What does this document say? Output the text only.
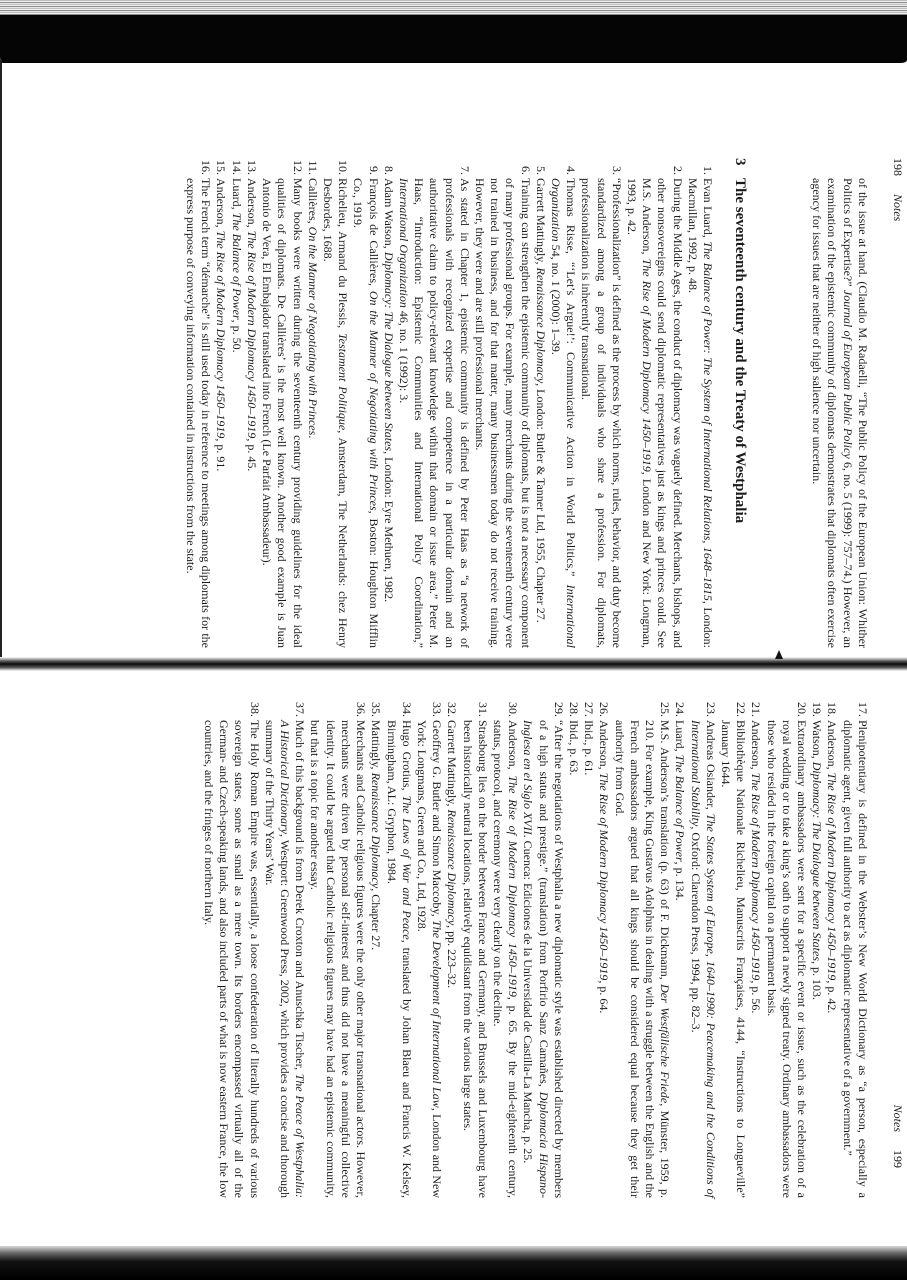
198Notes
of the issue at hand. (Claudio M. Radaelli, “The Public Policy of the European Union: Whither Politics of Expertise?” Journal of European Public Policy 6, no. 5 (1999): 757–74.) However, an examination of the epistemic community of diplomats demonstrates that diplomats often exercise agency for issues that are neither of high salience nor uncertain.
3
The seventeenth century and the Treaty of Westphalia
1.
Evan Luard, The Balance of Power: The System of International Relations, 1648–1815, London: Macmillan, 1992, p. 48.
2.
During the Middle Ages, the conduct of diplomacy was vaguely defined. Merchants, bishops, and other nonsovereigns could send diplomatic representatives just as kings and princes could. See M.S. Anderson, The Rise of Modern Diplomacy 1450–1919, London and New York: Longman, 1993, p. 42.
3.
“Professionalization” is defined as the process by which norms, rules, behavior, and duty become standardized among a group of individuals who share a profession. For diplomats, professionalization is inherently transnational.
4.
Thomas Risse, “‘Let’s Argue!’: Communicative Action in World Politics,” International Organization 54, no. 1 (2000): 1–39.
5.
Garrett Mattingly, Renaissance Diplomacy, London: Butler & Tanner Ltd, 1955, Chapter 27.
6.
Training can strengthen the epistemic community of diplomats, but is not a necessary component of many professional groups. For example, many merchants during the seventeenth century were not trained in business, and for that matter, many businessmen today do not receive training. However, they were and are still professional merchants.
7.
As stated in Chapter 1, epistemic community is defined by Peter Haas as “a network of professionals with recognized expertise and competence in a particular domain and an authoritative claim to policy-relevant knowledge within that domain or issue area.” Peter M. Haas, “Introduction: Epistemic Communities and International Policy Coordination,” International Organization 46, no. 1 (1992): 3.
8.
Adam Watson, Diplomacy: The Dialogue between States, London: Eyre Methuen, 1982.
9.
François de Callières, On the Manner of Negotiating with Princes, Boston: Houghton Mifflin Co., 1919.
10.
Richelieu, Armand du Plessis, Testament Politique, Amsterdam, The Netherlands: chez Henry Desbordes, 1688.
11.
Callières, On the Manner of Negotiating with Princes.
12.
Many books were written during the seventeenth century providing guidelines for the ideal qualities of diplomats. De Callières’ is the most well known. Another good example is Juan Antonio de Vera, El Embajador translated into French (Le Parfait Ambassadeur).
13.
Anderson, The Rise of Modern Diplomacy 1450–1919, p. 45.
14.
Luard, The Balance of Power, p. 50.
15.
Anderson, The Rise of Modern Diplomacy 1450–1919, p. 91.
16.
The French term “démarche” is still used today in reference to meetings among diplomats for the express purpose of conveying information contained in instructions from the state.
Notes199
17.
Plenipotentiary is defined in the Webster’s New World Dictionary as “a person, especially a diplomatic agent, given full authority to act as diplomatic representative of a government.”
18.
Anderson, The Rise of Modern Diplomacy 1450–1919, p. 42.
19.
Watson, Diplomacy: The Dialogue between States, p. 103.
20.
Extraordinary ambassadors were sent for a specific event or issue, such as the celebration of a royal wedding or to take a king’s oath to support a newly signed treaty. Ordinary ambassadors were those who resided in the foreign capital on a permanent basis.
21.
Anderson, The Rise of Modern Diplomacy 1450–1919, p. 56.
22.
Bibliothèque Nationale Richelieu, Manuscrits Françaises, 4144, “Instructions to Longueville” January 1644.
23.
Andreas Osiander, The States System of Europe, 1640–1990: Peacemaking and the Conditions of International Stability, Oxford: Clarendon Press, 1994, pp. 82–3.
24.
Luard, The Balance of Power, p. 134.
25.
M.S. Anderson’s translation (p. 63) of F. Dickmann, Der Westfälische Friede, Münster, 1959, p. 210. For example, King Gustavus Adolphus in dealing with a struggle between the English and the French ambassadors argued that all kings should be considered equal because they get their authority from God.
26.
Anderson, The Rise of Modern Diplomacy 1450–1919, p. 64.
27.
Ibid., p. 61.
28.
Ibid., p. 63.
29.
“After the negotiations of Westphalia a new diplomatic style was established directed by members of a high status and prestige.” (translation) from Porfirio Sanz Camañes, Diplomacia Hispano-Inglesa en el Siglo XVII. Cuenca: Ediciones de la Universidad de Castilla-La Mancha, p. 25.
30.
Anderson, The Rise of Modern Diplomacy 1450–1919, p. 65. By the mid-eighteenth century, status, protocol, and ceremony were very clearly on the decline.
31.
Strasbourg lies on the border between France and Germany, and Brussels and Luxembourg have been historically neutral locations, relatively equidistant from the various large states.
32.
Garrett Mattingly, Renaissance Diplomacy, pp. 223–32.
33.
Geoffrey G. Butler and Simon Maccoby, The Development of International Law, London and New York: Longmans, Green and Co., Ltd, 1928.
34.
Hugo Grotius, The Laws of War and Peace, translated by Johan Blaeu and Francis W. Kelsey, Birmingham, AL: Gryphon, 1984.
35.
Mattingly, Renaissance Diplomacy, Chapter 27.
36.
Merchants and Catholic religious figures were the only other major transnational actors. However, merchants were driven by personal self-interest and thus did not have a meaningful collective identity. It could be argued that Catholic religious figures may have had an epistemic community, but that is a topic for another essay.
37.
Much of this background is from Derek Croxton and Anuschka Tischer, The Peace of Westphalia: A Historical Dictionary, Westport: Greenwood Press, 2002, which provides a concise and thorough summary of the Thirty Years’ War.
38.
The Holy Roman Empire was, essentially, a loose confederation of literally hundreds of various sovereign states, some as small as a mere town. Its borders encompassed virtually all of the German- and Czech-speaking lands, and also included parts of what is now eastern France, the low countries, and the fringes of northern Italy.
